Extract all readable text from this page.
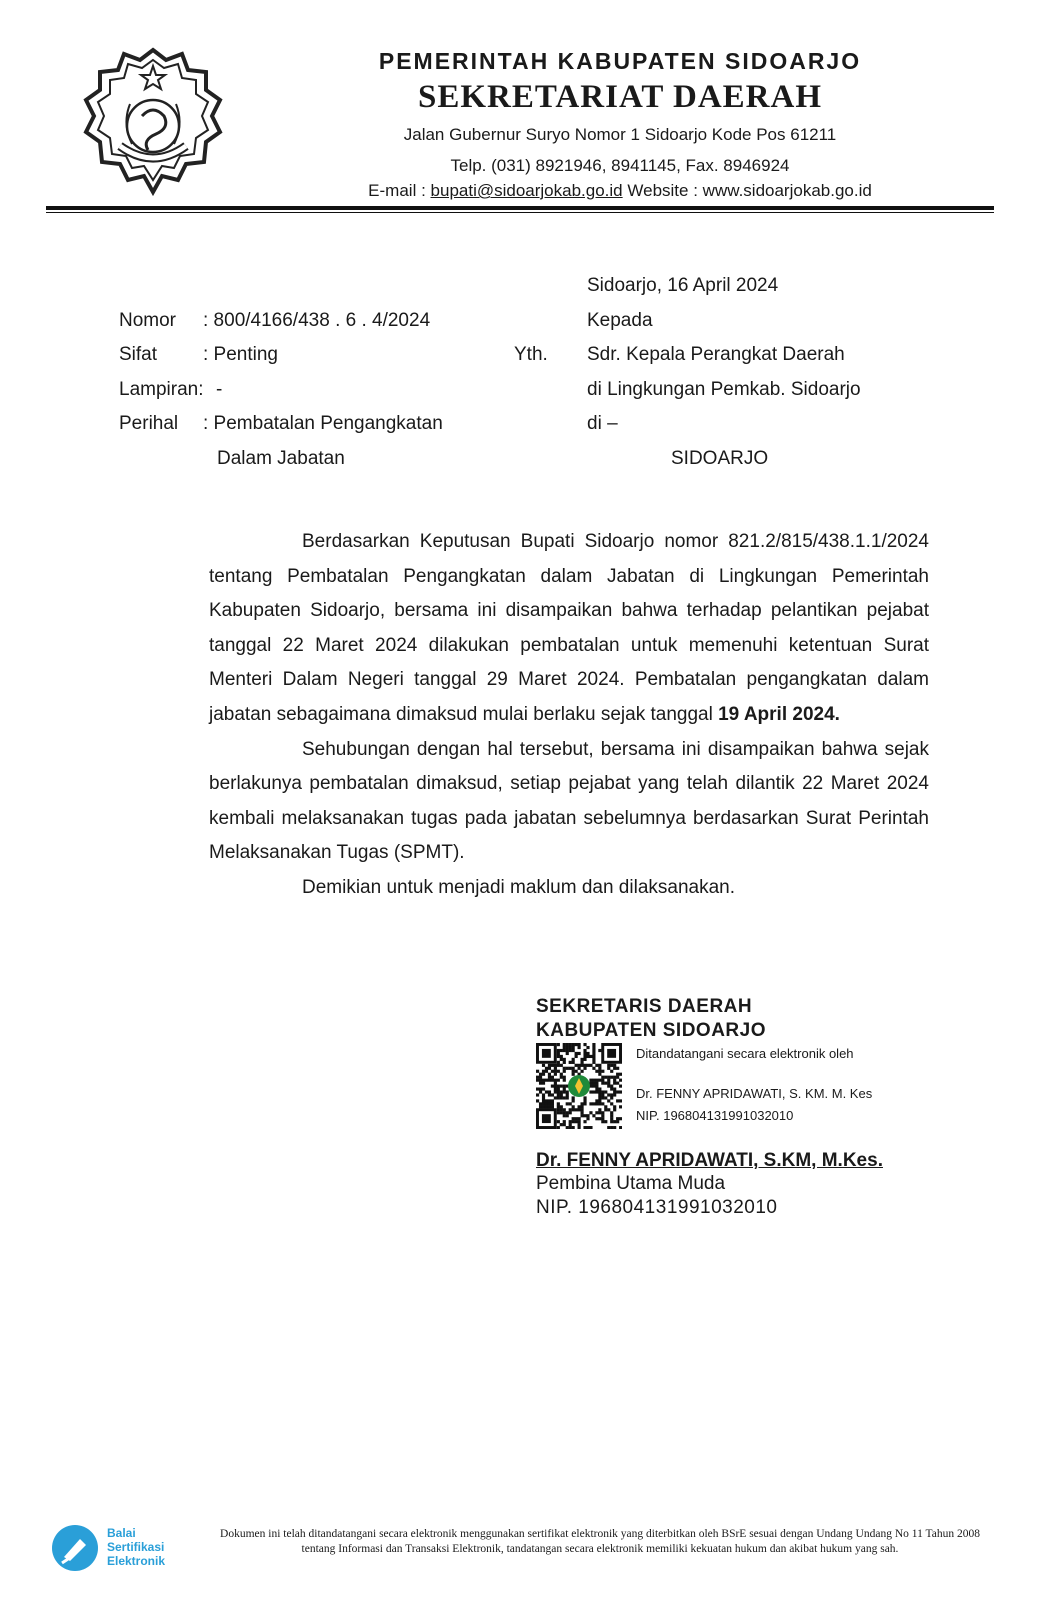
PEMERINTAH KABUPATEN SIDOARJO
SEKRETARIAT DAERAH
Jalan Gubernur Suryo Nomor 1 Sidoarjo Kode Pos 61211
Telp. (031) 8921946, 8941145, Fax. 8946924
E-mail : bupati@sidoarjokab.go.id Website : www.sidoarjokab.go.id
Sidoarjo, 16 April 2024
Nomor : 800/4166/438 . 6 . 4/2024	Kepada
Sifat : Penting	Yth. Sdr. Kepala Perangkat Daerah
Lampiran: -	di Lingkungan Pemkab. Sidoarjo
Perihal : Pembatalan Pengangkatan	di –
Dalam Jabatan	SIDOARJO

Berdasarkan Keputusan Bupati Sidoarjo nomor 821.2/815/438.1.1/2024 tentang Pembatalan Pengangkatan dalam Jabatan di Lingkungan Pemerintah Kabupaten Sidoarjo, bersama ini disampaikan bahwa terhadap pelantikan pejabat tanggal 22 Maret 2024 dilakukan pembatalan untuk memenuhi ketentuan Surat Menteri Dalam Negeri tanggal 29 Maret 2024. Pembatalan pengangkatan dalam jabatan sebagaimana dimaksud mulai berlaku sejak tanggal 19 April 2024.

Sehubungan dengan hal tersebut, bersama ini disampaikan bahwa sejak berlakunya pembatalan dimaksud, setiap pejabat yang telah dilantik 22 Maret 2024 kembali melaksanakan tugas pada jabatan sebelumnya berdasarkan Surat Perintah Melaksanakan Tugas (SPMT).

Demikian untuk menjadi maklum dan dilaksanakan.

SEKRETARIS DAERAH
KABUPATEN SIDOARJO
Ditandatangani secara elektronik oleh
Dr. FENNY APRIDAWATI, S. KM. M. Kes
NIP. 196804131991032010
Dr. FENNY APRIDAWATI, S.KM, M.Kes.
Pembina Utama Muda
NIP. 196804131991032010
Balai
Sertifikasi
Elektronik
Dokumen ini telah ditandatangani secara elektronik menggunakan sertifikat elektronik yang diterbitkan oleh BSrE sesuai dengan Undang Undang No 11 Tahun 2008 tentang Informasi dan Transaksi Elektronik, tandatangan secara elektronik memiliki kekuatan hukum dan akibat hukum yang sah.
